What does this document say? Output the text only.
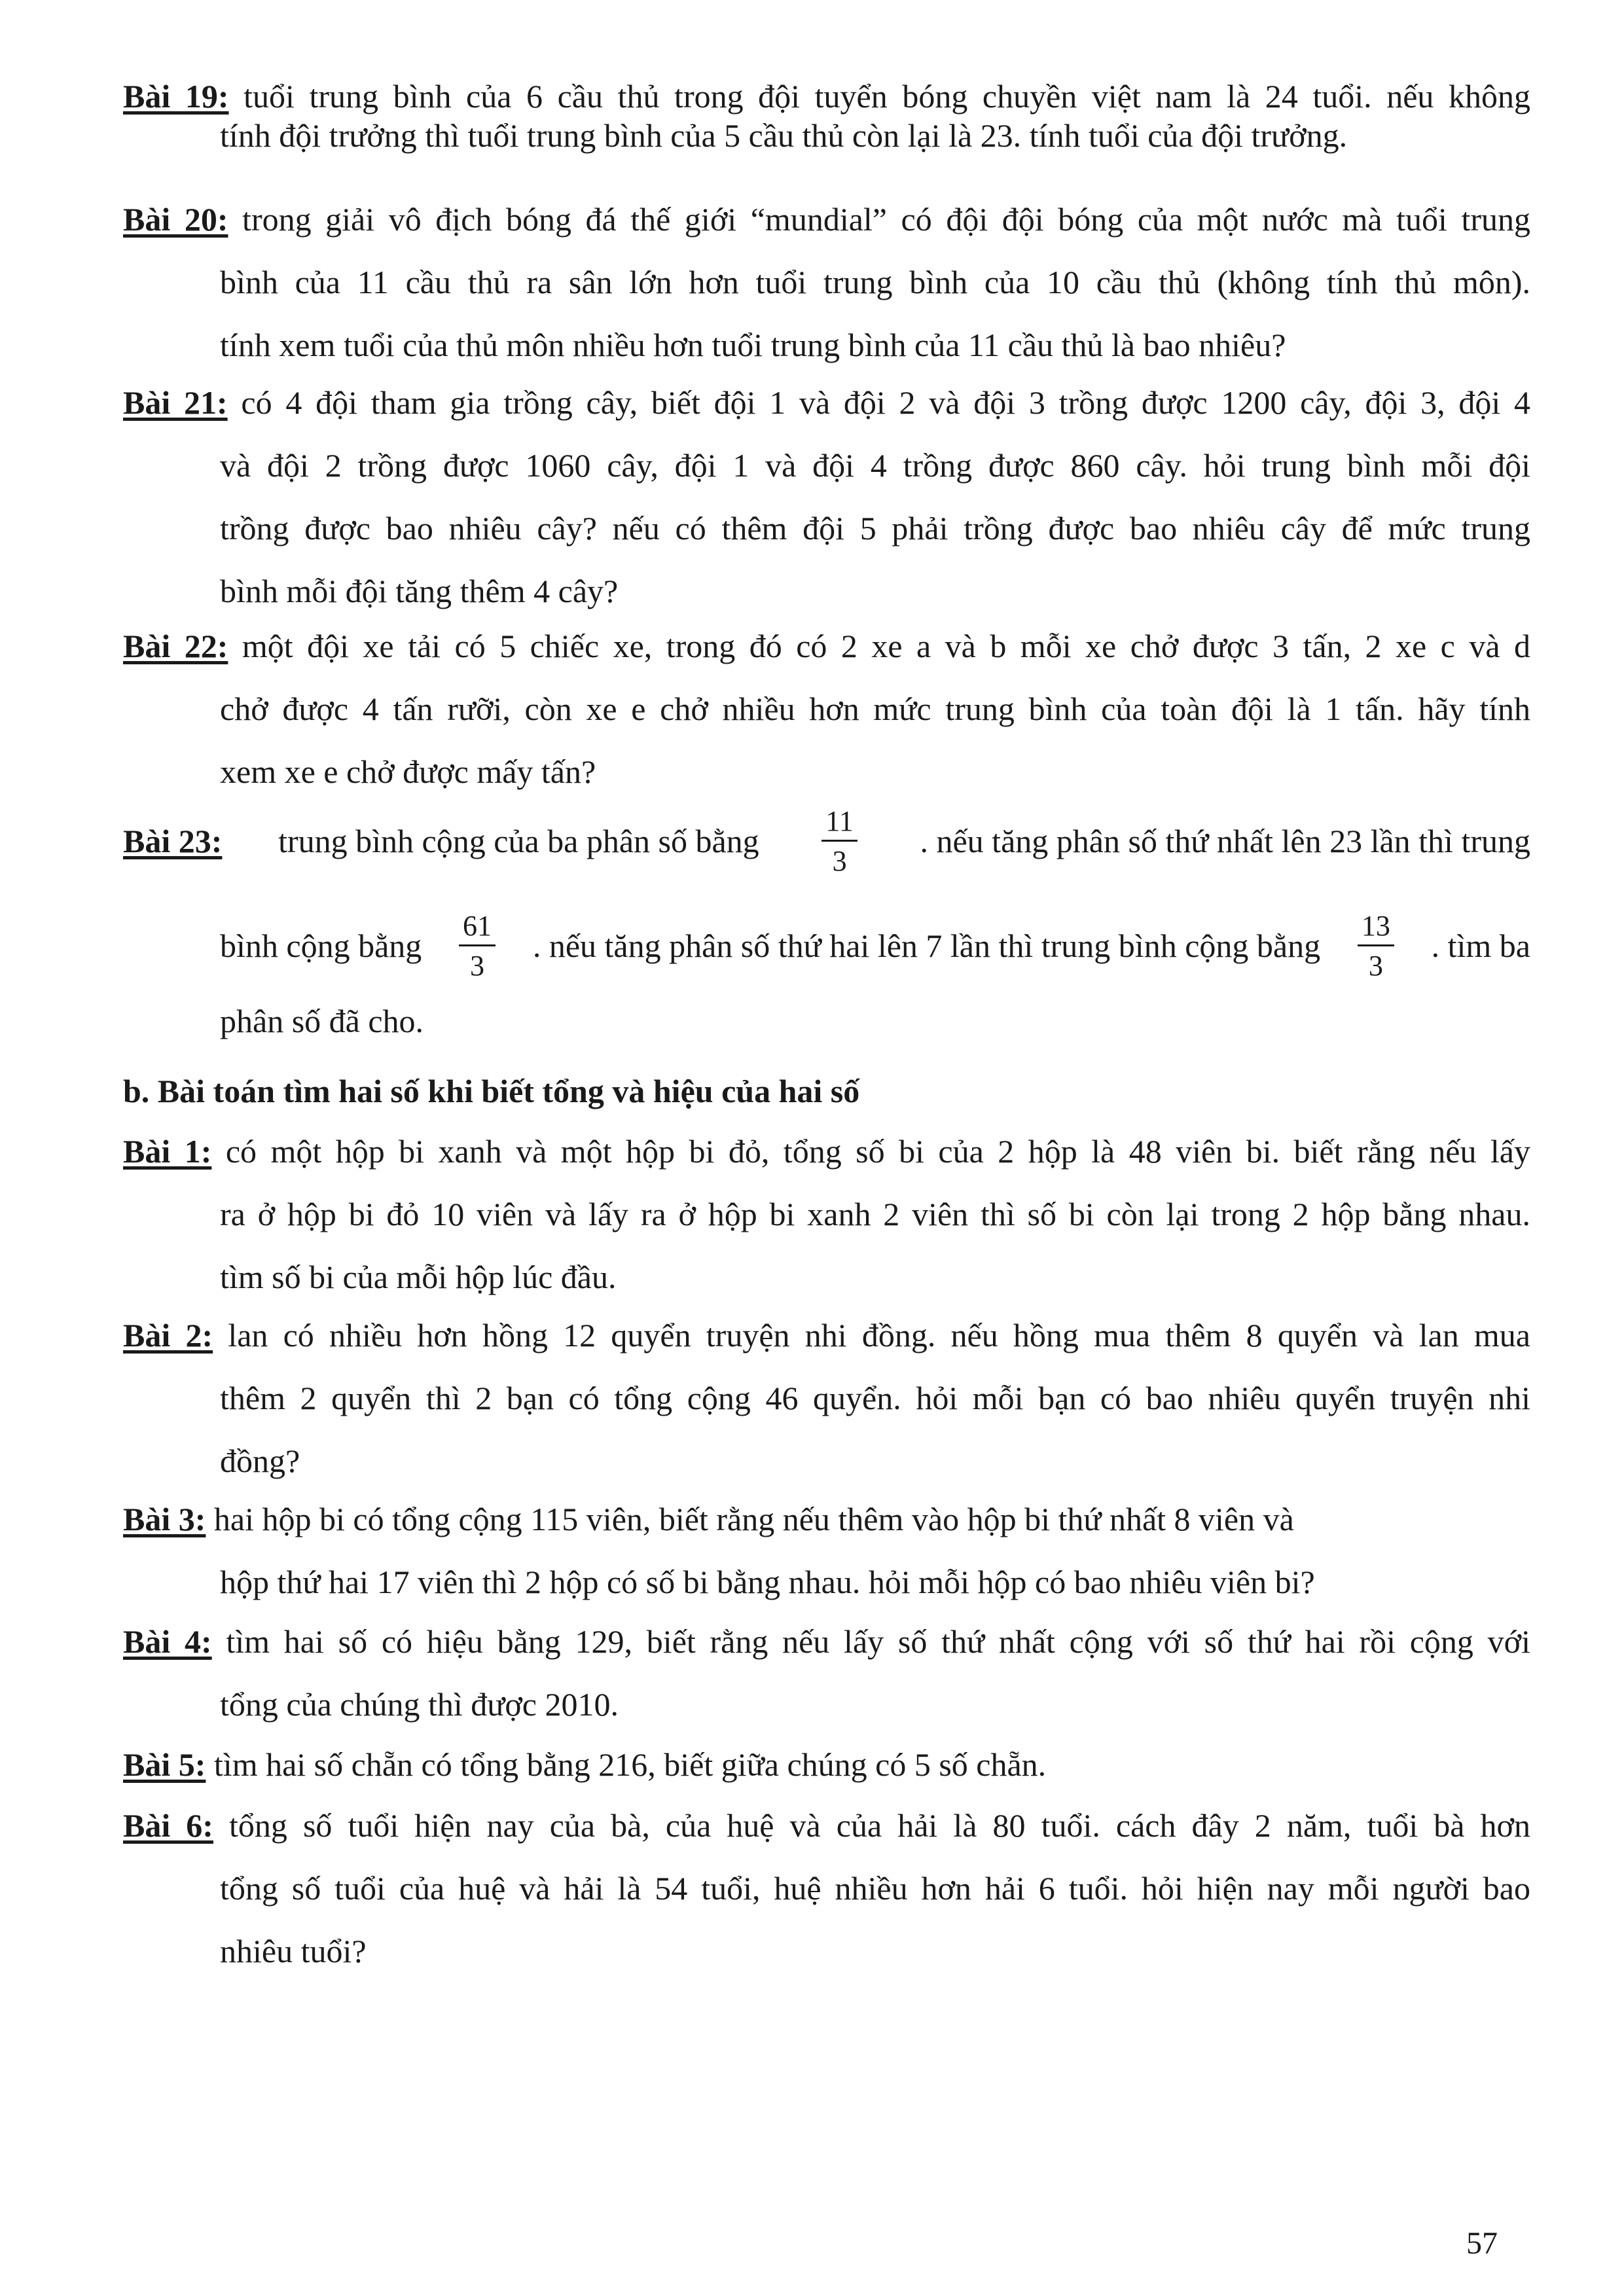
Bài 19: tuổi trung bình của 6 cầu thủ trong đội tuyển bóng chuyền việt nam là 24 tuổi. nếu không
tính đội trưởng thì tuổi trung bình của 5 cầu thủ còn lại là 23. tính tuổi của đội trưởng.
Bài 20: trong giải vô địch bóng đá thế giới “mundial” có đội đội bóng của một nước mà tuổi trung
bình của 11 cầu thủ ra sân lớn hơn tuổi trung bình của 10 cầu thủ (không tính thủ môn).
tính xem tuổi của thủ môn nhiều hơn tuổi trung bình của 11 cầu thủ là bao nhiêu?
Bài 21: có 4 đội tham gia trồng cây, biết đội 1 và đội 2 và đội 3 trồng được 1200 cây, đội 3, đội 4
và đội 2 trồng được 1060 cây, đội 1 và đội 4 trồng được 860 cây. hỏi trung bình mỗi đội
trồng được bao nhiêu cây? nếu có thêm đội 5 phải trồng được bao nhiêu cây để mức trung
bình mỗi đội tăng thêm 4 cây?
Bài 22: một đội xe tải có 5 chiếc xe, trong đó có 2 xe a và b mỗi xe chở được 3 tấn, 2 xe c và d
chở được 4 tấn rưỡi, còn xe e chở nhiều hơn mức trung bình của toàn đội là 1 tấn. hãy tính
xem xe e chở được mấy tấn?
Bài 23: trung bình cộng của ba phân số bằng $\frac{11}{3}$ . nếu tăng phân số thứ nhất lên 23 lần thì trung
bình cộng bằng $\frac{61}{3}$ . nếu tăng phân số thứ hai lên 7 lần thì trung bình cộng bằng $\frac{13}{3}$ . tìm ba
phân số đã cho.
b. Bài toán tìm hai số khi biết tổng và hiệu của hai số
Bài 1: có một hộp bi xanh và một hộp bi đỏ, tổng số bi của 2 hộp là 48 viên bi. biết rằng nếu lấy
ra ở hộp bi đỏ 10 viên và lấy ra ở hộp bi xanh 2 viên thì số bi còn lại trong 2 hộp bằng nhau.
tìm số bi của mỗi hộp lúc đầu.
Bài 2: lan có nhiều hơn hồng 12 quyển truyện nhi đồng. nếu hồng mua thêm 8 quyển và lan mua
thêm 2 quyển thì 2 bạn có tổng cộng 46 quyển. hỏi mỗi bạn có bao nhiêu quyển truyện nhi
đồng?
Bài 3: hai hộp bi có tổng cộng 115 viên, biết rằng nếu thêm vào hộp bi thứ nhất 8 viên và
hộp thứ hai 17 viên thì 2 hộp có số bi bằng nhau. hỏi mỗi hộp có bao nhiêu viên bi?
Bài 4: tìm hai số có hiệu bằng 129, biết rằng nếu lấy số thứ nhất cộng với số thứ hai rồi cộng với
tổng của chúng thì được 2010.
Bài 5: tìm hai số chẵn có tổng bằng 216, biết giữa chúng có 5 số chẵn.
Bài 6: tổng số tuổi hiện nay của bà, của huệ và của hải là 80 tuổi. cách đây 2 năm, tuổi bà hơn
tổng số tuổi của huệ và hải là 54 tuổi, huệ nhiều hơn hải 6 tuổi. hỏi hiện nay mỗi người bao
nhiêu tuổi?
57
